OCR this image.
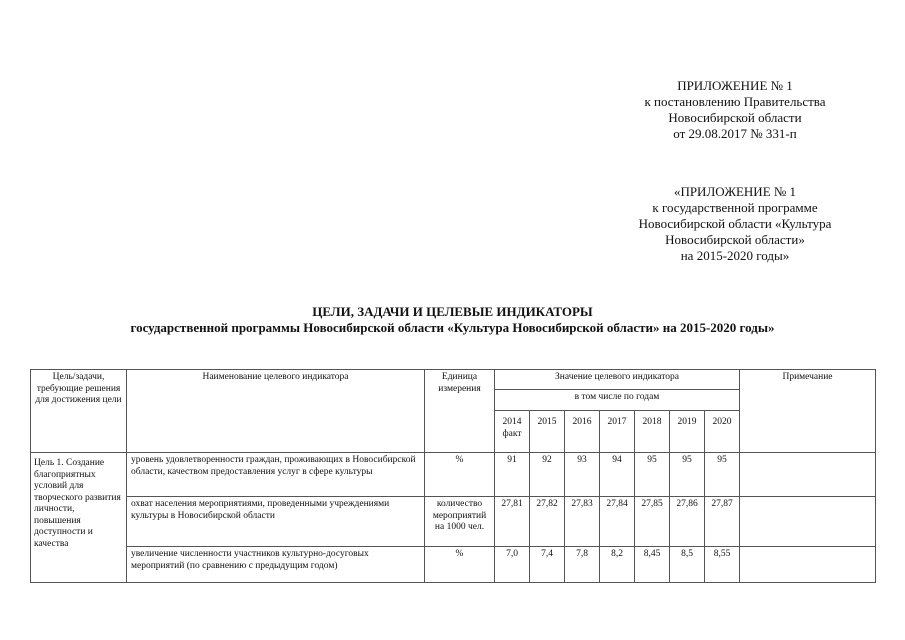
ПРИЛОЖЕНИЕ № 1
к постановлению Правительства
Новосибирской области
от 29.08.2017 № 331-п
«ПРИЛОЖЕНИЕ № 1
к государственной программе
Новосибирской области «Культура
Новосибирской области»
на 2015-2020 годы»
ЦЕЛИ, ЗАДАЧИ И ЦЕЛЕВЫЕ ИНДИКАТОРЫ
государственной программы Новосибирской области «Культура Новосибирской области» на 2015-2020 годы»
Цель/задачи, требующие решения для достижения цели	Наименование целевого индикатора	Единица измерения	Значение целевого индикатора							Примечание
			в том числе по годам							
			2014 факт	2015	2016	2017	2018	2019	2020	
Цель 1. Создание благоприятных условий для творческого развития личности, повышения доступности и качества	уровень удовлетворенности граждан, проживающих в Новосибирской области, качеством предоставления услуг в сфере культуры	%	91	92	93	94	95	95	95	
	охват населения мероприятиями, проведенными учреждениями культуры в Новосибирской области	количество мероприятий на 1000 чел.	27,81	27,82	27,83	27,84	27,85	27,86	27,87	
	увеличение численности участников культурно-досуговых мероприятий (по сравнению с предыдущим годом)	%	7,0	7,4	7,8	8,2	8,45	8,5	8,55	
